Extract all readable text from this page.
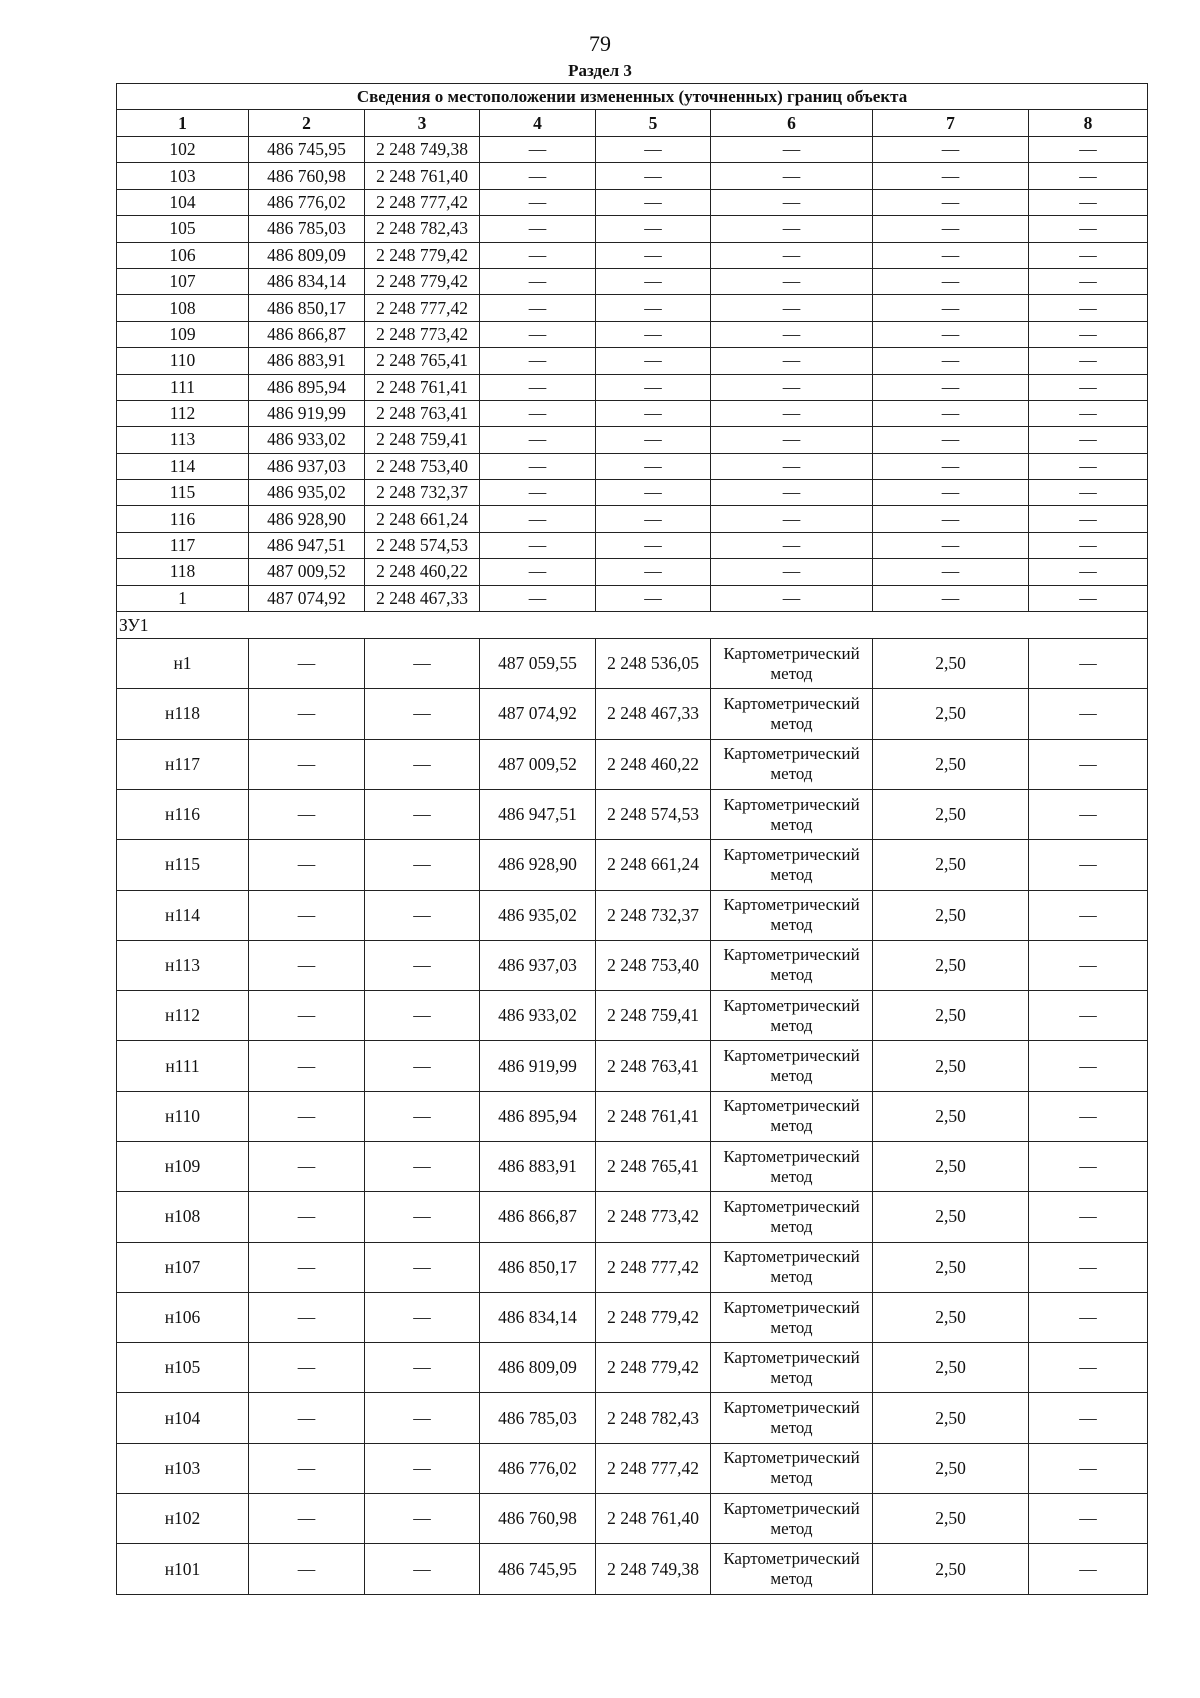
79
Раздел 3
Сведения о местоположении измененных (уточненных) границ объекта							
1	2	3	4	5	6	7	8
102	486 745,95	2 248 749,38	—	—	—	—	—
103	486 760,98	2 248 761,40	—	—	—	—	—
104	486 776,02	2 248 777,42	—	—	—	—	—
105	486 785,03	2 248 782,43	—	—	—	—	—
106	486 809,09	2 248 779,42	—	—	—	—	—
107	486 834,14	2 248 779,42	—	—	—	—	—
108	486 850,17	2 248 777,42	—	—	—	—	—
109	486 866,87	2 248 773,42	—	—	—	—	—
110	486 883,91	2 248 765,41	—	—	—	—	—
111	486 895,94	2 248 761,41	—	—	—	—	—
112	486 919,99	2 248 763,41	—	—	—	—	—
113	486 933,02	2 248 759,41	—	—	—	—	—
114	486 937,03	2 248 753,40	—	—	—	—	—
115	486 935,02	2 248 732,37	—	—	—	—	—
116	486 928,90	2 248 661,24	—	—	—	—	—
117	486 947,51	2 248 574,53	—	—	—	—	—
118	487 009,52	2 248 460,22	—	—	—	—	—
1	487 074,92	2 248 467,33	—	—	—	—	—
ЗУ1							
н1	—	—	487 059,55	2 248 536,05	Картометрический метод	2,50	—
н118	—	—	487 074,92	2 248 467,33	Картометрический метод	2,50	—
н117	—	—	487 009,52	2 248 460,22	Картометрический метод	2,50	—
н116	—	—	486 947,51	2 248 574,53	Картометрический метод	2,50	—
н115	—	—	486 928,90	2 248 661,24	Картометрический метод	2,50	—
н114	—	—	486 935,02	2 248 732,37	Картометрический метод	2,50	—
н113	—	—	486 937,03	2 248 753,40	Картометрический метод	2,50	—
н112	—	—	486 933,02	2 248 759,41	Картометрический метод	2,50	—
н111	—	—	486 919,99	2 248 763,41	Картометрический метод	2,50	—
н110	—	—	486 895,94	2 248 761,41	Картометрический метод	2,50	—
н109	—	—	486 883,91	2 248 765,41	Картометрический метод	2,50	—
н108	—	—	486 866,87	2 248 773,42	Картометрический метод	2,50	—
н107	—	—	486 850,17	2 248 777,42	Картометрический метод	2,50	—
н106	—	—	486 834,14	2 248 779,42	Картометрический метод	2,50	—
н105	—	—	486 809,09	2 248 779,42	Картометрический метод	2,50	—
н104	—	—	486 785,03	2 248 782,43	Картометрический метод	2,50	—
н103	—	—	486 776,02	2 248 777,42	Картометрический метод	2,50	—
н102	—	—	486 760,98	2 248 761,40	Картометрический метод	2,50	—
н101	—	—	486 745,95	2 248 749,38	Картометрический метод	2,50	—
